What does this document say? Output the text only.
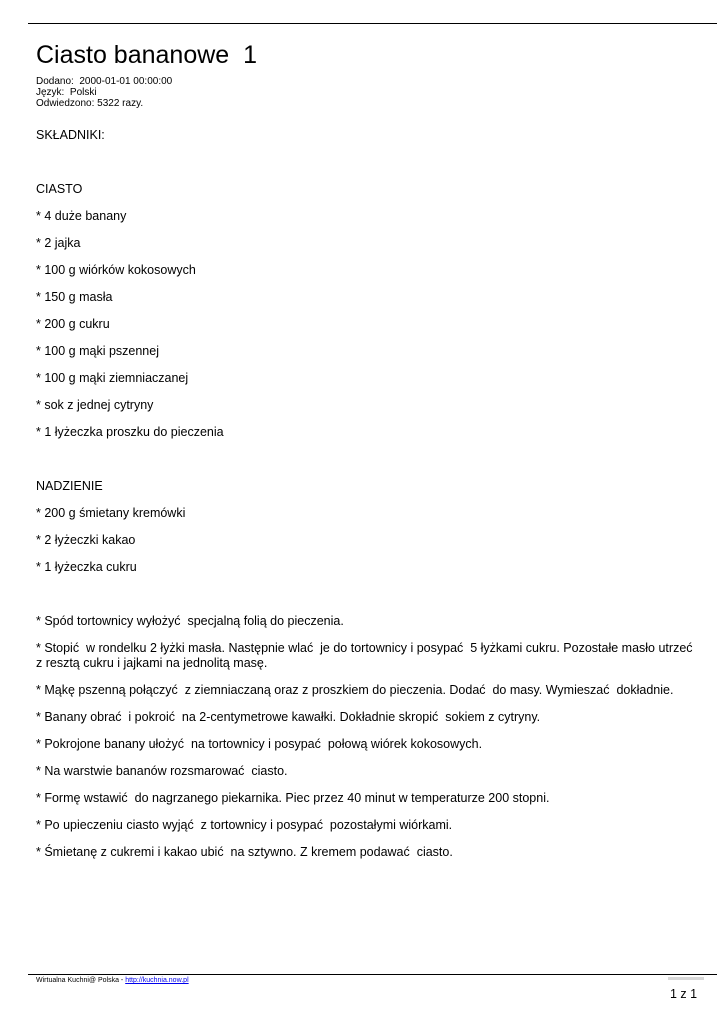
Ciasto bananowe  1
Dodano:  2000-01-01 00:00:00
Język:  Polski
Odwiedzono: 5322 razy.

SKŁADNIKI:

CIASTO

* 4 duże banany

* 2 jajka

* 100 g wiórków kokosowych

* 150 g masła

* 200 g cukru

* 100 g mąki pszennej

* 100 g mąki ziemniaczanej

* sok z jednej cytryny

* 1 łyżeczka proszku do pieczenia

NADZIENIE

* 200 g śmietany kremówki

* 2 łyżeczki kakao

* 1 łyżeczka cukru

* Spód tortownicy wyłożyć  specjalną folią do pieczenia.

* Stopić  w rondelku 2 łyżki masła. Następnie wlać  je do tortownicy i posypać  5 łyżkami cukru. Pozostałe masło utrzeć  z resztą cukru i jajkami na jednolitą masę.

* Mąkę pszenną połączyć  z ziemniaczaną oraz z proszkiem do pieczenia. Dodać  do masy. Wymieszać  dokładnie.

* Banany obrać  i pokroić  na 2-centymetrowe kawałki. Dokładnie skropić  sokiem z cytryny.

* Pokrojone banany ułożyć  na tortownicy i posypać  połową wiórek kokosowych.

* Na warstwie bananów rozsmarować  ciasto.

* Formę wstawić  do nagrzanego piekarnika. Piec przez 40 minut w temperaturze 200 stopni.

* Po upieczeniu ciasto wyjąć  z tortownicy i posypać  pozostałymi wiórkami.

* Śmietanę z cukremi i kakao ubić  na sztywno. Z kremem podawać  ciasto.

Wirtualna Kuchni@ Polska - http://kuchnia.now.pl
1 z 1
